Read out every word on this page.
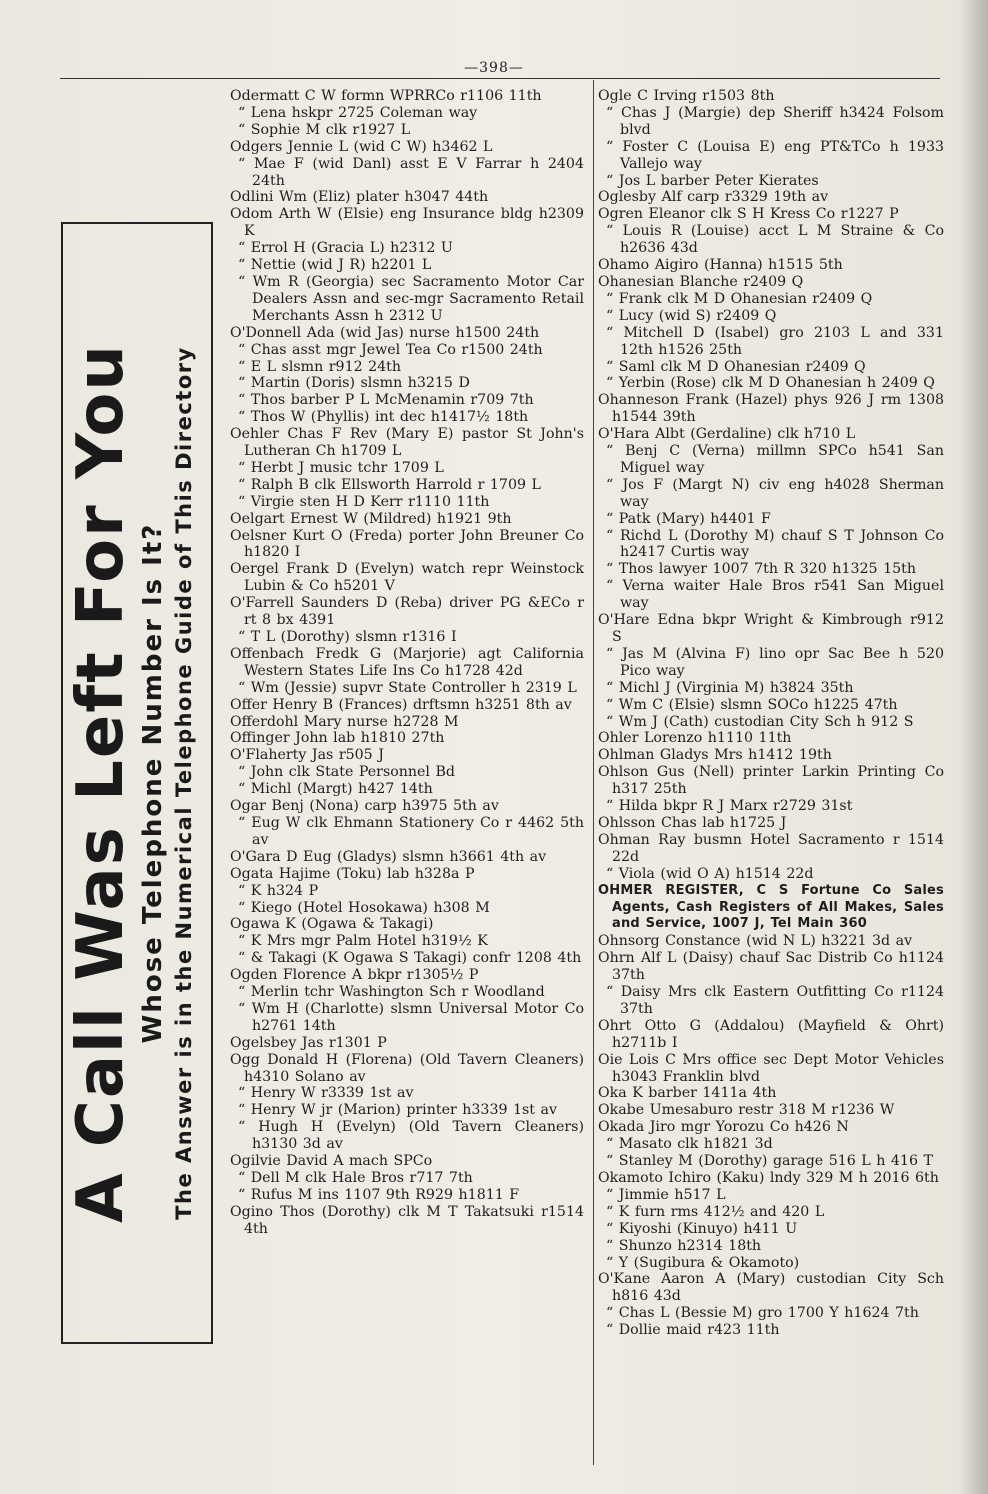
—398—
A Call Was Left For You Whose Telephone Number Is It? The Answer is in the Numerical Telephone Guide of This Directory
Odermatt C W formn WPRRCo r1106 11th
“ Lena hskpr 2725 Coleman way
“ Sophie M clk r1927 L
Odgers Jennie L (wid C W) h3462 L
“ Mae F (wid Danl) asst E V Farrar h 2404 24th
Odlini Wm (Eliz) plater h3047 44th
Odom Arth W (Elsie) eng Insurance bldg h2309 K
“ Errol H (Gracia L) h2312 U
“ Nettie (wid J R) h2201 L
“ Wm R (Georgia) sec Sacramento Motor Car Dealers Assn and sec-mgr Sacramento Retail Merchants Assn h 2312 U
O'Donnell Ada (wid Jas) nurse h1500 24th
“ Chas asst mgr Jewel Tea Co r1500 24th
“ E L slsmn r912 24th
“ Martin (Doris) slsmn h3215 D
“ Thos barber P L McMenamin r709 7th
“ Thos W (Phyllis) int dec h1417½ 18th
Oehler Chas F Rev (Mary E) pastor St John's Lutheran Ch h1709 L
“ Herbt J music tchr 1709 L
“ Ralph B clk Ellsworth Harrold r 1709 L
“ Virgie sten H D Kerr r1110 11th
Oelgart Ernest W (Mildred) h1921 9th
Oelsner Kurt O (Freda) porter John Breuner Co h1820 I
Oergel Frank D (Evelyn) watch repr Weinstock Lubin & Co h5201 V
O'Farrell Saunders D (Reba) driver PG &ECo r rt 8 bx 4391
“ T L (Dorothy) slsmn r1316 I
Offenbach Fredk G (Marjorie) agt California Western States Life Ins Co h1728 42d
“ Wm (Jessie) supvr State Controller h 2319 L
Offer Henry B (Frances) drftsmn h3251 8th av
Offerdohl Mary nurse h2728 M
Offinger John lab h1810 27th
O'Flaherty Jas r505 J
“ John clk State Personnel Bd
“ Michl (Margt) h427 14th
Ogar Benj (Nona) carp h3975 5th av
“ Eug W clk Ehmann Stationery Co r 4462 5th av
O'Gara D Eug (Gladys) slsmn h3661 4th av
Ogata Hajime (Toku) lab h328a P
“ K h324 P
“ Kiego (Hotel Hosokawa) h308 M
Ogawa K (Ogawa & Takagi)
“ K Mrs mgr Palm Hotel h319½ K
“ & Takagi (K Ogawa S Takagi) confr 1208 4th
Ogden Florence A bkpr r1305½ P
“ Merlin tchr Washington Sch r Woodland
“ Wm H (Charlotte) slsmn Universal Motor Co h2761 14th
Ogelsbey Jas r1301 P
Ogg Donald H (Florena) (Old Tavern Cleaners) h4310 Solano av
“ Henry W r3339 1st av
“ Henry W jr (Marion) printer h3339 1st av
“ Hugh H (Evelyn) (Old Tavern Cleaners) h3130 3d av
Ogilvie David A mach SPCo
“ Dell M clk Hale Bros r717 7th
“ Rufus M ins 1107 9th R929 h1811 F
Ogino Thos (Dorothy) clk M T Takatsuki r1514 4th
Ogle C Irving r1503 8th
“ Chas J (Margie) dep Sheriff h3424 Folsom blvd
“ Foster C (Louisa E) eng PT&TCo h 1933 Vallejo way
“ Jos L barber Peter Kierates
Oglesby Alf carp r3329 19th av
Ogren Eleanor clk S H Kress Co r1227 P
“ Louis R (Louise) acct L M Straine & Co h2636 43d
Ohamo Aigiro (Hanna) h1515 5th
Ohanesian Blanche r2409 Q
“ Frank clk M D Ohanesian r2409 Q
“ Lucy (wid S) r2409 Q
“ Mitchell D (Isabel) gro 2103 L and 331 12th h1526 25th
“ Saml clk M D Ohanesian r2409 Q
“ Yerbin (Rose) clk M D Ohanesian h 2409 Q
Ohanneson Frank (Hazel) phys 926 J rm 1308 h1544 39th
O'Hara Albt (Gerdaline) clk h710 L
“ Benj C (Verna) millmn SPCo h541 San Miguel way
“ Jos F (Margt N) civ eng h4028 Sherman way
“ Patk (Mary) h4401 F
“ Richd L (Dorothy M) chauf S T Johnson Co h2417 Curtis way
“ Thos lawyer 1007 7th R 320 h1325 15th
“ Verna waiter Hale Bros r541 San Miguel way
O'Hare Edna bkpr Wright & Kimbrough r912 S
“ Jas M (Alvina F) lino opr Sac Bee h 520 Pico way
“ Michl J (Virginia M) h3824 35th
“ Wm C (Elsie) slsmn SOCo h1225 47th
“ Wm J (Cath) custodian City Sch h 912 S
Ohler Lorenzo h1110 11th
Ohlman Gladys Mrs h1412 19th
Ohlson Gus (Nell) printer Larkin Printing Co h317 25th
“ Hilda bkpr R J Marx r2729 31st
Ohlsson Chas lab h1725 J
Ohman Ray busmn Hotel Sacramento r 1514 22d
“ Viola (wid O A) h1514 22d
OHMER REGISTER, C S Fortune Co Sales Agents, Cash Registers of All Makes, Sales and Service, 1007 J, Tel Main 360
Ohnsorg Constance (wid N L) h3221 3d av
Ohrn Alf L (Daisy) chauf Sac Distrib Co h1124 37th
“ Daisy Mrs clk Eastern Outfitting Co r1124 37th
Ohrt Otto G (Addalou) (Mayfield & Ohrt) h2711b I
Oie Lois C Mrs office sec Dept Motor Vehicles h3043 Franklin blvd
Oka K barber 1411a 4th
Okabe Umesaburo restr 318 M r1236 W
Okada Jiro mgr Yorozu Co h426 N
“ Masato clk h1821 3d
“ Stanley M (Dorothy) garage 516 L h 416 T
Okamoto Ichiro (Kaku) lndy 329 M h 2016 6th
“ Jimmie h517 L
“ K furn rms 412½ and 420 L
“ Kiyoshi (Kinuyo) h411 U
“ Shunzo h2314 18th
“ Y (Sugibura & Okamoto)
O'Kane Aaron A (Mary) custodian City Sch h816 43d
“ Chas L (Bessie M) gro 1700 Y h1624 7th
“ Dollie maid r423 11th
